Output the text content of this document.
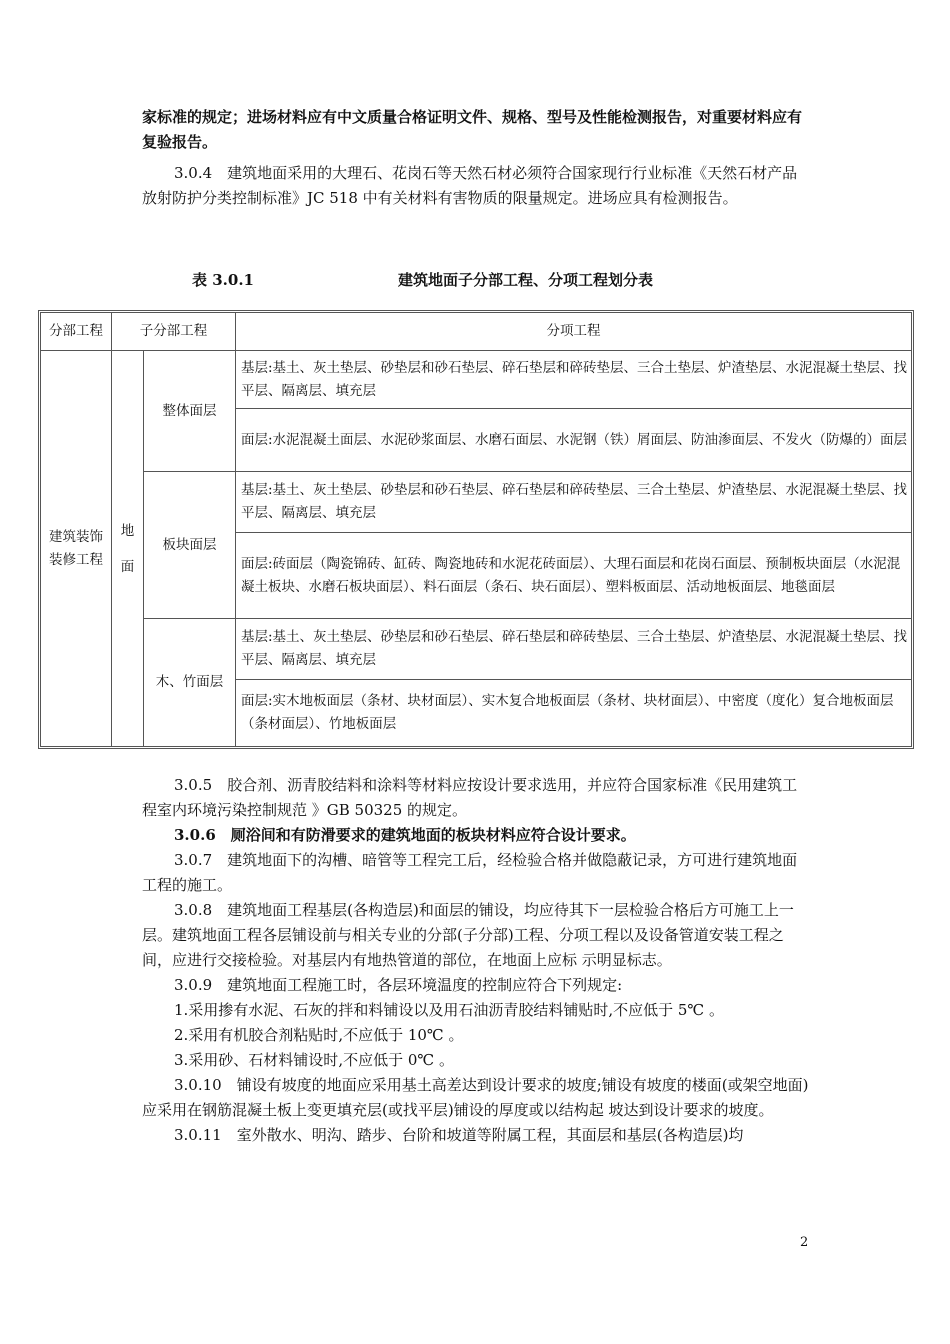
家标准的规定；进场材料应有中文质量合格证明文件、规格、型号及性能检测报告，对重要材料应有复验报告。

3.0.4　建筑地面采用的大理石、花岗石等天然石材必须符合国家现行行业标准《天然石材产品放射防护分类控制标准》JC 518 中有关材料有害物质的限量规定。进场应具有检测报告。

表 3.0.1	建筑地面子分部工程、分项工程划分表
分部工程	子分部工程		分项工程
建筑装饰装修工程	地面	整体面层	基层:基土、灰土垫层、砂垫层和砂石垫层、碎石垫层和碎砖垫层、三合土垫层、炉渣垫层、水泥混凝土垫层、找平层、隔离层、填充层
			面层:水泥混凝土面层、水泥砂浆面层、水磨石面层、水泥钢（铁）屑面层、防油渗面层、不发火（防爆的）面层
		板块面层	基层:基土、灰土垫层、砂垫层和砂石垫层、碎石垫层和碎砖垫层、三合土垫层、炉渣垫层、水泥混凝土垫层、找平层、隔离层、填充层
			面层:砖面层（陶瓷锦砖、缸砖、陶瓷地砖和水泥花砖面层）、大理石面层和花岗石面层、预制板块面层（水泥混凝土板块、水磨石板块面层）、料石面层（条石、块石面层）、塑料板面层、活动地板面层、地毯面层
		木、竹面层	基层:基土、灰土垫层、砂垫层和砂石垫层、碎石垫层和碎砖垫层、三合土垫层、炉渣垫层、水泥混凝土垫层、找平层、隔离层、填充层
			面层:实木地板面层（条材、块材面层）、实木复合地板面层（条材、块材面层）、中密度（度化）复合地板面层（条材面层）、竹地板面层

3.0.5　胶合剂、沥青胶结料和涂料等材料应按设计要求选用，并应符合国家标准《民用建筑工程室内环境污染控制规范 》GB 50325 的规定。

3.0.6　厕浴间和有防滑要求的建筑地面的板块材料应符合设计要求。

3.0.7　建筑地面下的沟槽、暗管等工程完工后，经检验合格并做隐蔽记录，方可进行建筑地面工程的施工。

3.0.8　建筑地面工程基层(各构造层)和面层的铺设，均应待其下一层检验合格后方可施工上一层。建筑地面工程各层铺设前与相关专业的分部(子分部)工程、分项工程以及设备管道安装工程之间，应进行交接检验。对基层内有地热管道的部位，在地面上应标 示明显标志。

3.0.9　建筑地面工程施工时，各层环境温度的控制应符合下列规定:

1.采用掺有水泥、石灰的拌和料铺设以及用石油沥青胶结料铺贴时,不应低于 5℃ 。

2.采用有机胶合剂粘贴时,不应低于 10℃ 。

3.采用砂、石材料铺设时,不应低于 0℃ 。

3.0.10　铺设有坡度的地面应采用基土高差达到设计要求的坡度;铺设有坡度的楼面(或架空地面)应采用在钢筋混凝土板上变更填充层(或找平层)铺设的厚度或以结构起 坡达到设计要求的坡度。

3.0.11　室外散水、明沟、踏步、台阶和坡道等附属工程，其面层和基层(各构造层)均

2
